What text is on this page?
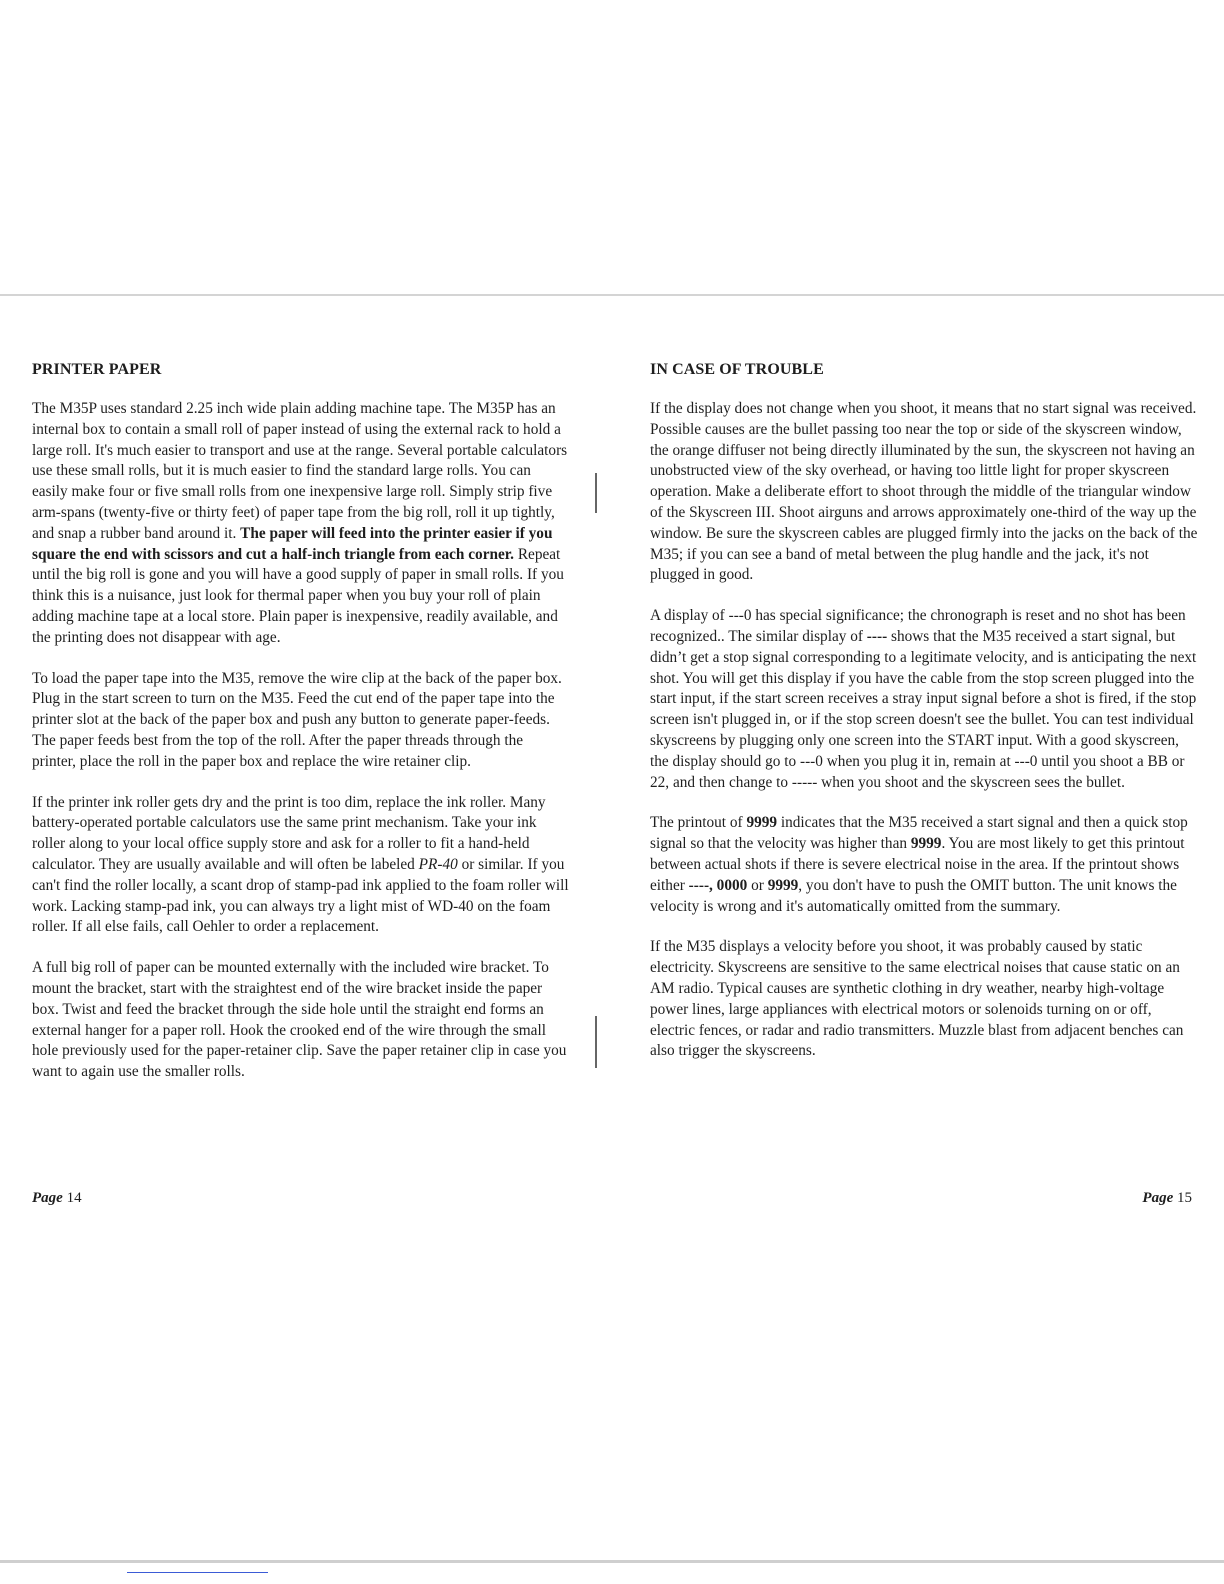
PRINTER PAPER

The M35P uses standard 2.25 inch wide plain adding machine tape. The M35P has an internal box to contain a small roll of paper instead of using the external rack to hold a large roll. It's much easier to transport and use at the range. Several portable calculators use these small rolls, but it is much easier to find the standard large rolls. You can easily make four or five small rolls from one inexpensive large roll. Simply strip five arm-spans (twenty-five or thirty feet) of paper tape from the big roll, roll it up tightly, and snap a rubber band around it. The paper will feed into the printer easier if you square the end with scissors and cut a half-inch triangle from each corner. Repeat until the big roll is gone and you will have a good supply of paper in small rolls. If you think this is a nuisance, just look for thermal paper when you buy your roll of plain adding machine tape at a local store. Plain paper is inexpensive, readily available, and the printing does not disappear with age.

To load the paper tape into the M35, remove the wire clip at the back of the paper box. Plug in the start screen to turn on the M35. Feed the cut end of the paper tape into the printer slot at the back of the paper box and push any button to generate paper-feeds. The paper feeds best from the top of the roll. After the paper threads through the printer, place the roll in the paper box and replace the wire retainer clip.

If the printer ink roller gets dry and the print is too dim, replace the ink roller. Many battery-operated portable calculators use the same print mechanism. Take your ink roller along to your local office supply store and ask for a roller to fit a hand-held calculator. They are usually available and will often be labeled PR-40 or similar. If you can't find the roller locally, a scant drop of stamp-pad ink applied to the foam roller will work. Lacking stamp-pad ink, you can always try a light mist of WD-40 on the foam roller. If all else fails, call Oehler to order a replacement.

A full big roll of paper can be mounted externally with the included wire bracket. To mount the bracket, start with the straightest end of the wire bracket inside the paper box. Twist and feed the bracket through the side hole until the straight end forms an external hanger for a paper roll. Hook the crooked end of the wire through the small hole previously used for the paper-retainer clip. Save the paper retainer clip in case you want to again use the smaller rolls.

IN CASE OF TROUBLE

If the display does not change when you shoot, it means that no start signal was received. Possible causes are the bullet passing too near the top or side of the skyscreen window, the orange diffuser not being directly illuminated by the sun, the skyscreen not having an unobstructed view of the sky overhead, or having too little light for proper skyscreen operation. Make a deliberate effort to shoot through the middle of the triangular window of the Skyscreen III. Shoot airguns and arrows approximately one-third of the way up the window. Be sure the skyscreen cables are plugged firmly into the jacks on the back of the M35; if you can see a band of metal between the plug handle and the jack, it's not plugged in good.

A display of ---0 has special significance; the chronograph is reset and no shot has been recognized.. The similar display of ---- shows that the M35 received a start signal, but didn’t get a stop signal corresponding to a legitimate velocity, and is anticipating the next shot. You will get this display if you have the cable from the stop screen plugged into the start input, if the start screen receives a stray input signal before a shot is fired, if the stop screen isn't plugged in, or if the stop screen doesn't see the bullet. You can test individual skyscreens by plugging only one screen into the START input. With a good skyscreen, the display should go to ---0 when you plug it in, remain at ---0 until you shoot a BB or 22, and then change to ----- when you shoot and the skyscreen sees the bullet.

The printout of 9999 indicates that the M35 received a start signal and then a quick stop signal so that the velocity was higher than 9999. You are most likely to get this printout between actual shots if there is severe electrical noise in the area. If the printout shows either ----, 0000 or 9999, you don't have to push the OMIT button. The unit knows the velocity is wrong and it's automatically omitted from the summary.

If the M35 displays a velocity before you shoot, it was probably caused by static electricity. Skyscreens are sensitive to the same electrical noises that cause static on an AM radio. Typical causes are synthetic clothing in dry weather, nearby high-voltage power lines, large appliances with electrical motors or solenoids turning on or off, electric fences, or radar and radio transmitters. Muzzle blast from adjacent benches can also trigger the skyscreens.

Page 14	Page 15
